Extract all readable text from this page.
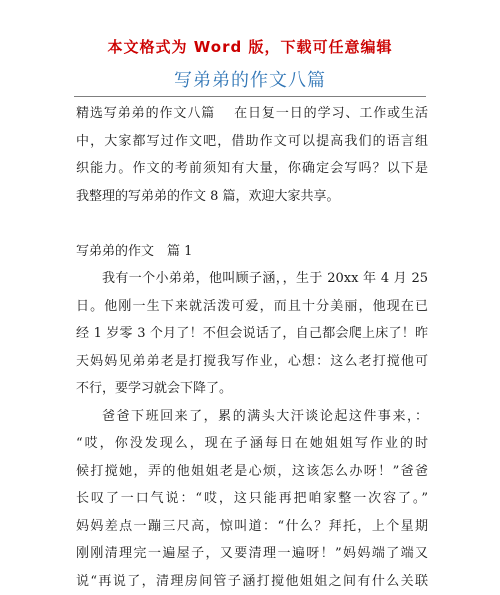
本文格式为 Word 版，下载可任意编辑
写弟弟的作文八篇
精选写弟弟的作文八篇　 在日复一日的学习、工作或生活
中，大家都写过作文吧，借助作文可以提高我们的语言组
织能力。作文的考前须知有大量，你确定会写吗？以下是
我整理的写弟弟的作文 8 篇，欢迎大家共享。
写弟弟的作文　篇 1
我有一个小弟弟，他叫顾子涵，，生于 20xx 年 4 月 25
日。他刚一生下来就活泼可爱，而且十分美丽，他现在已
经 1 岁零 3 个月了！不但会说话了，自己都会爬上床了！昨
天妈妈见弟弟老是打搅我写作业，心想：这么老打搅他可
不行，要学习就会下降了。
爸爸下班回来了，累的满头大汗谈论起这件事来，：
“哎，你没发现么，现在子涵每日在她姐姐写作业的时
候打搅她，弄的他姐姐老是心烦，这该怎么办呀！”爸爸
长叹了一口气说：“哎，这只能再把咱家整一次容了。”
妈妈差点一蹦三尺高，惊叫道：“什么？拜托，上个星期
刚刚清理完一遍屋子，又要清理一遍呀！”妈妈端了端又
说“再说了，清理房间管子涵打搅他姐姐之间有什么关联
